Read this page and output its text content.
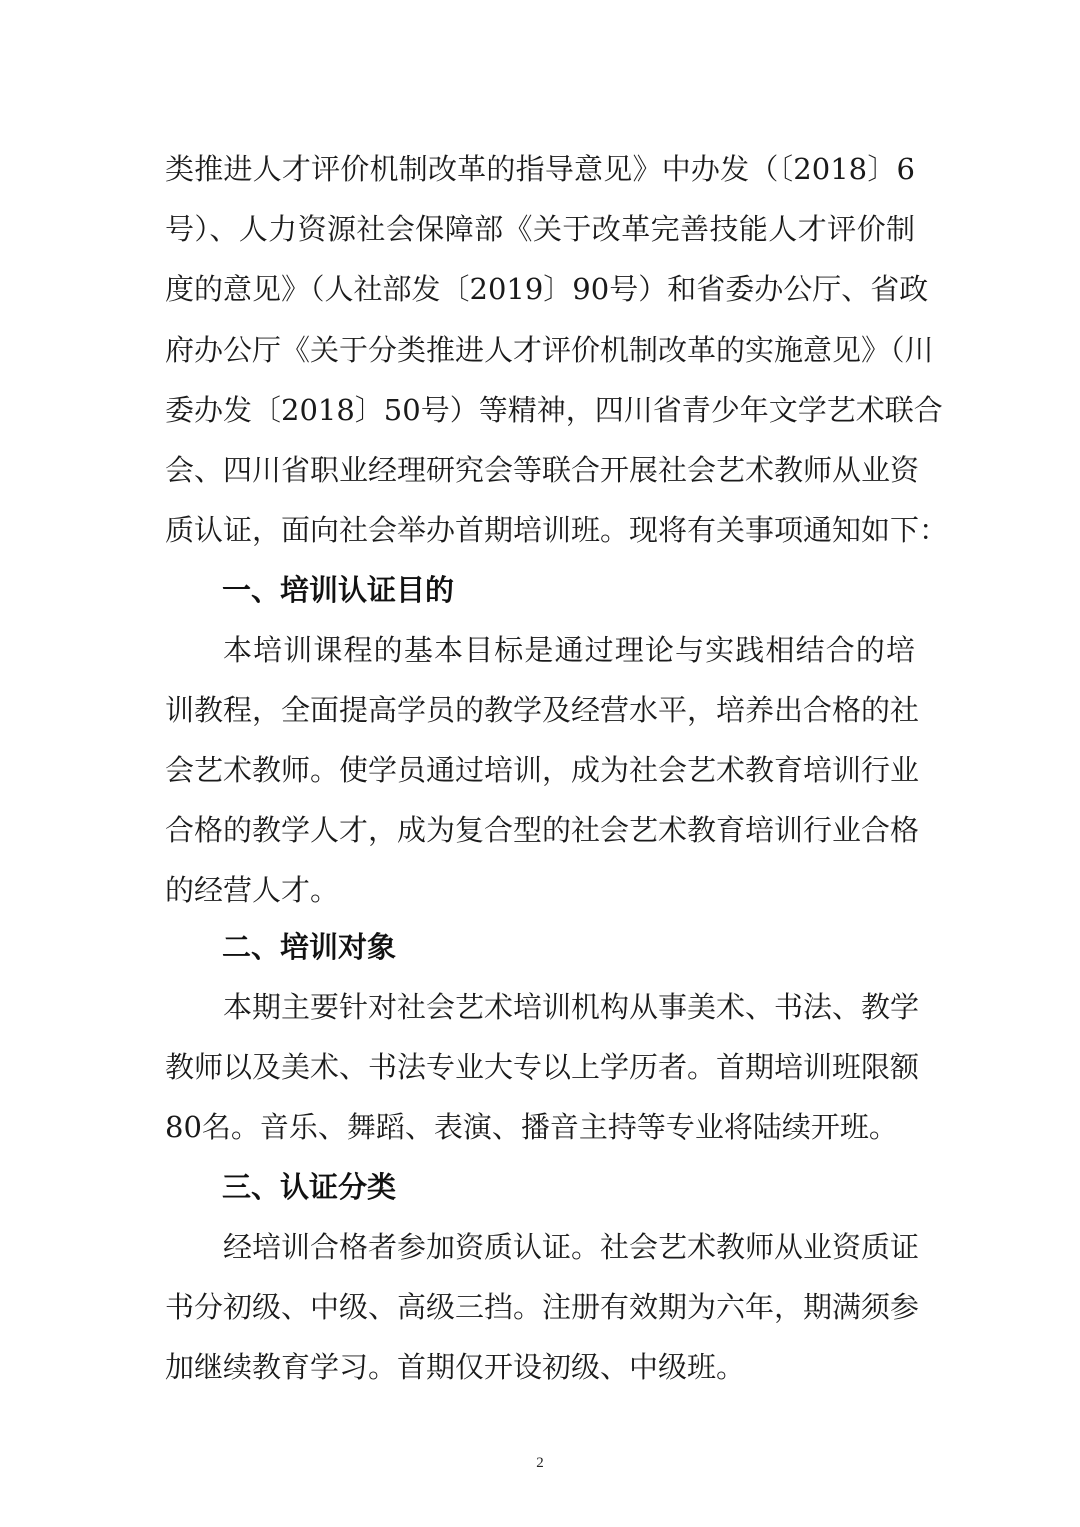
类推进人才评价机制改革的指导意见》中办发（〔2018〕6
号）、人力资源社会保障部《关于改革完善技能人才评价制
度的意见》（人社部发〔2019〕90号）和省委办公厅、省政
府办公厅《关于分类推进人才评价机制改革的实施意见》（川
委办发〔2018〕50号）等精神，四川省青少年文学艺术联合
会、四川省职业经理研究会等联合开展社会艺术教师从业资
质认证，面向社会举办首期培训班。现将有关事项通知如下：
一、培训认证目的
本培训课程的基本目标是通过理论与实践相结合的培
训教程，全面提高学员的教学及经营水平，培养出合格的社
会艺术教师。使学员通过培训，成为社会艺术教育培训行业
合格的教学人才，成为复合型的社会艺术教育培训行业合格
的经营人才。
二、培训对象
本期主要针对社会艺术培训机构从事美术、书法、教学
教师以及美术、书法专业大专以上学历者。首期培训班限额
80名。音乐、舞蹈、表演、播音主持等专业将陆续开班。
三、认证分类
经培训合格者参加资质认证。社会艺术教师从业资质证
书分初级、中级、高级三挡。注册有效期为六年，期满须参
加继续教育学习。首期仅开设初级、中级班。
2
